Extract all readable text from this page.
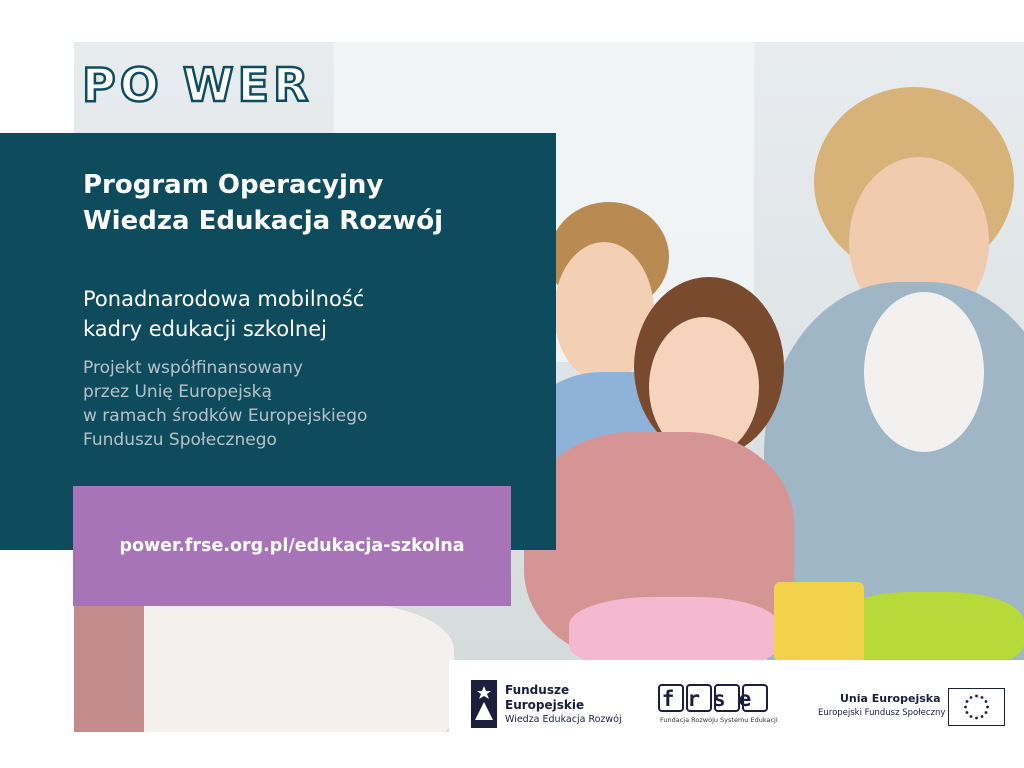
PO WER
Program Operacyjny
Wiedza Edukacja Rozwój
Ponadnarodowa mobilność
kadry edukacji szkolnej
Projekt współfinansowany
przez Unię Europejską
w ramach środków Europejskiego
Funduszu Społecznego
power.frse.org.pl/edukacja-szkolna
Fundusze
Europejskie
Wiedza Edukacja Rozwój
frse
Fundacja Rozwoju Systemu Edukacji
Unia Europejska
Europejski Fundusz Społeczny
